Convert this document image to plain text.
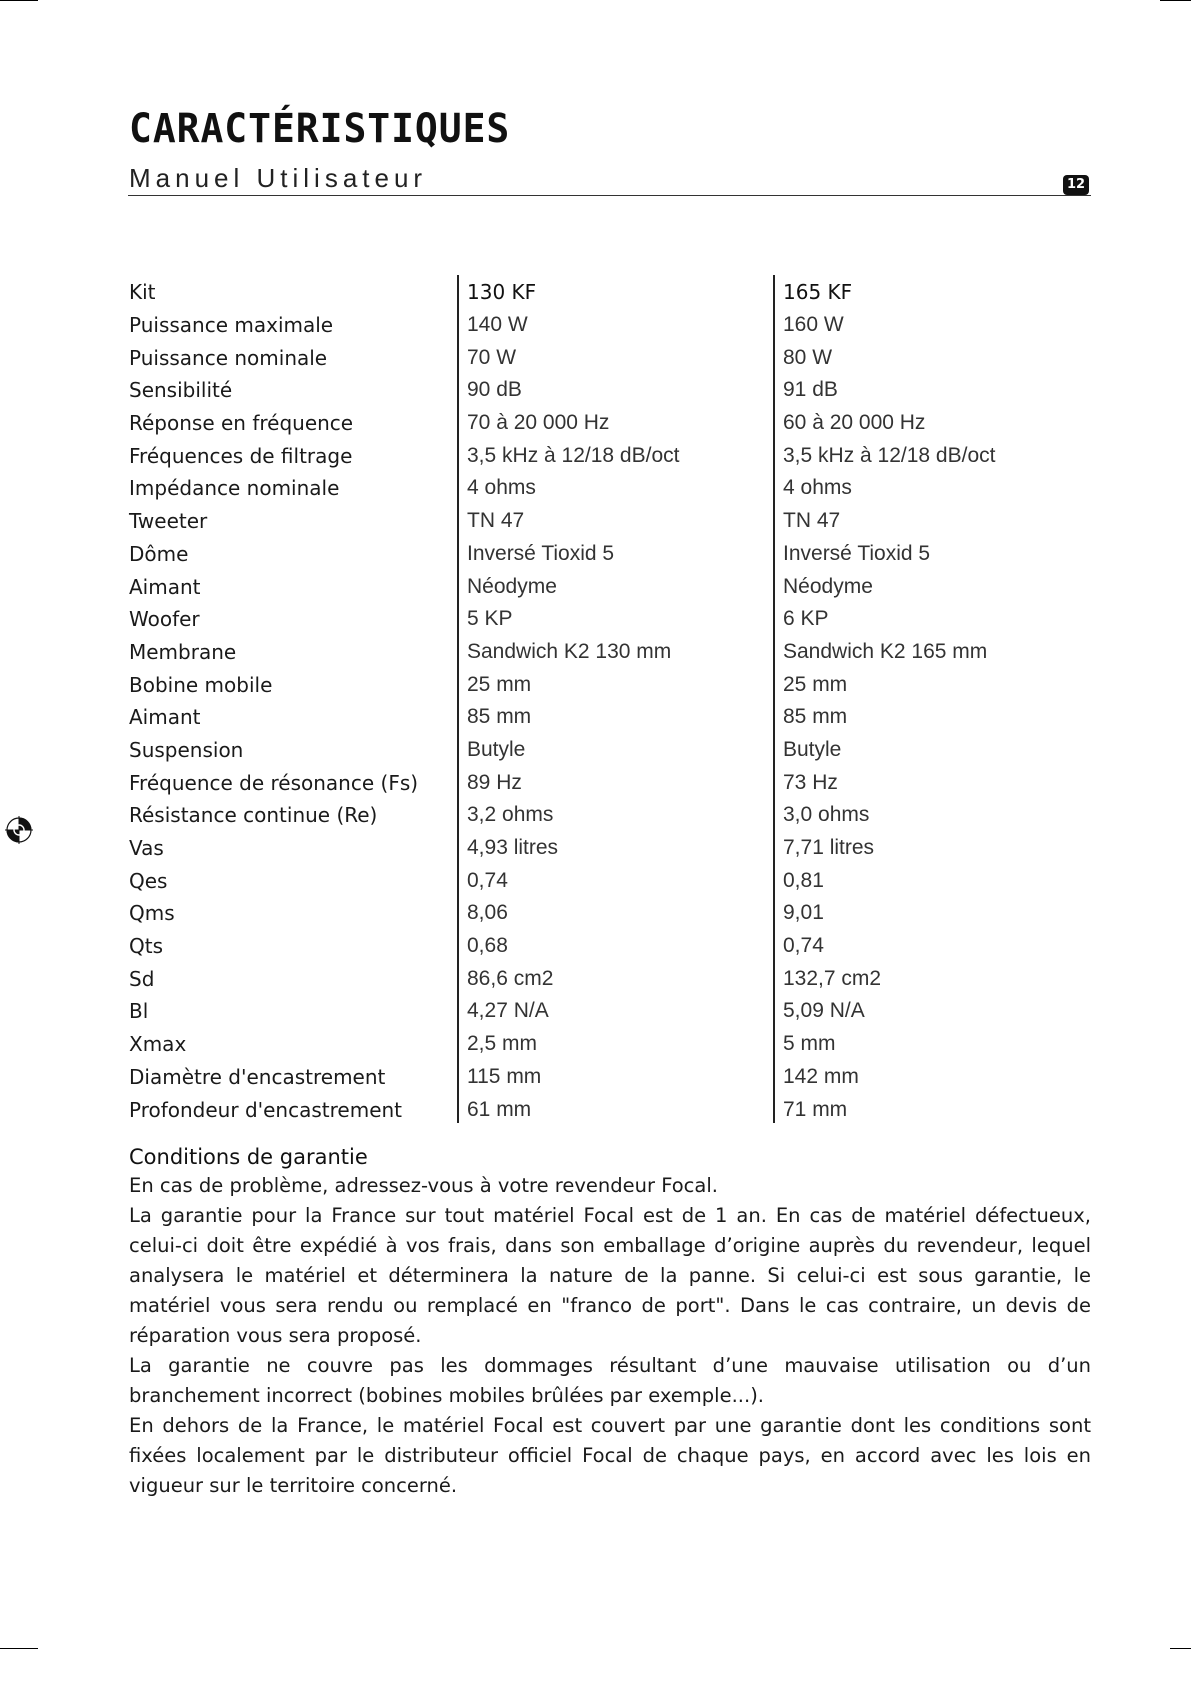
CARACTÉRISTIQUES
Manuel Utilisateur	12
Kit	130 KF	165 KF
Puissance maximale	140 W	160 W
Puissance nominale	70 W	80 W
Sensibilité	90 dB	91 dB
Réponse en fréquence	70 à 20 000 Hz	60 à 20 000 Hz
Fréquences de filtrage	3,5 kHz à 12/18 dB/oct	3,5 kHz à 12/18 dB/oct
Impédance nominale	4 ohms	4 ohms
Tweeter	TN 47	TN 47
Dôme	Inversé Tioxid 5	Inversé Tioxid 5
Aimant	Néodyme	Néodyme
Woofer	5 KP	6 KP
Membrane	Sandwich K2 130 mm	Sandwich K2 165 mm
Bobine mobile	25 mm	25 mm
Aimant	85 mm	85 mm
Suspension	Butyle	Butyle
Fréquence de résonance (Fs)	89 Hz	73 Hz
Résistance continue (Re)	3,2 ohms	3,0 ohms
Vas	4,93 litres	7,71 litres
Qes	0,74	0,81
Qms	8,06	9,01
Qts	0,68	0,74
Sd	86,6 cm2	132,7 cm2
Bl	4,27 N/A	5,09 N/A
Xmax	2,5 mm	5 mm
Diamètre d'encastrement	115 mm	142 mm
Profondeur d'encastrement	61 mm	71 mm
Conditions de garantie

En cas de problème, adressez-vous à votre revendeur Focal.

La garantie pour la France sur tout matériel Focal est de 1 an. En cas de matériel défectueux, celui-ci doit être expédié à vos frais, dans son emballage d’origine auprès du revendeur, lequel analysera le matériel et déterminera la nature de la panne. Si celui-ci est sous garantie, le matériel vous sera rendu ou remplacé en "franco de port". Dans le cas contraire, un devis de réparation vous sera proposé.

La garantie ne couvre pas les dommages résultant d’une mauvaise utilisation ou d’un branchement incorrect (bobines mobiles brûlées par exemple...).

En dehors de la France, le matériel Focal est couvert par une garantie dont les conditions sont fixées localement par le distributeur officiel Focal de chaque pays, en accord avec les lois en vigueur sur le territoire concerné.
